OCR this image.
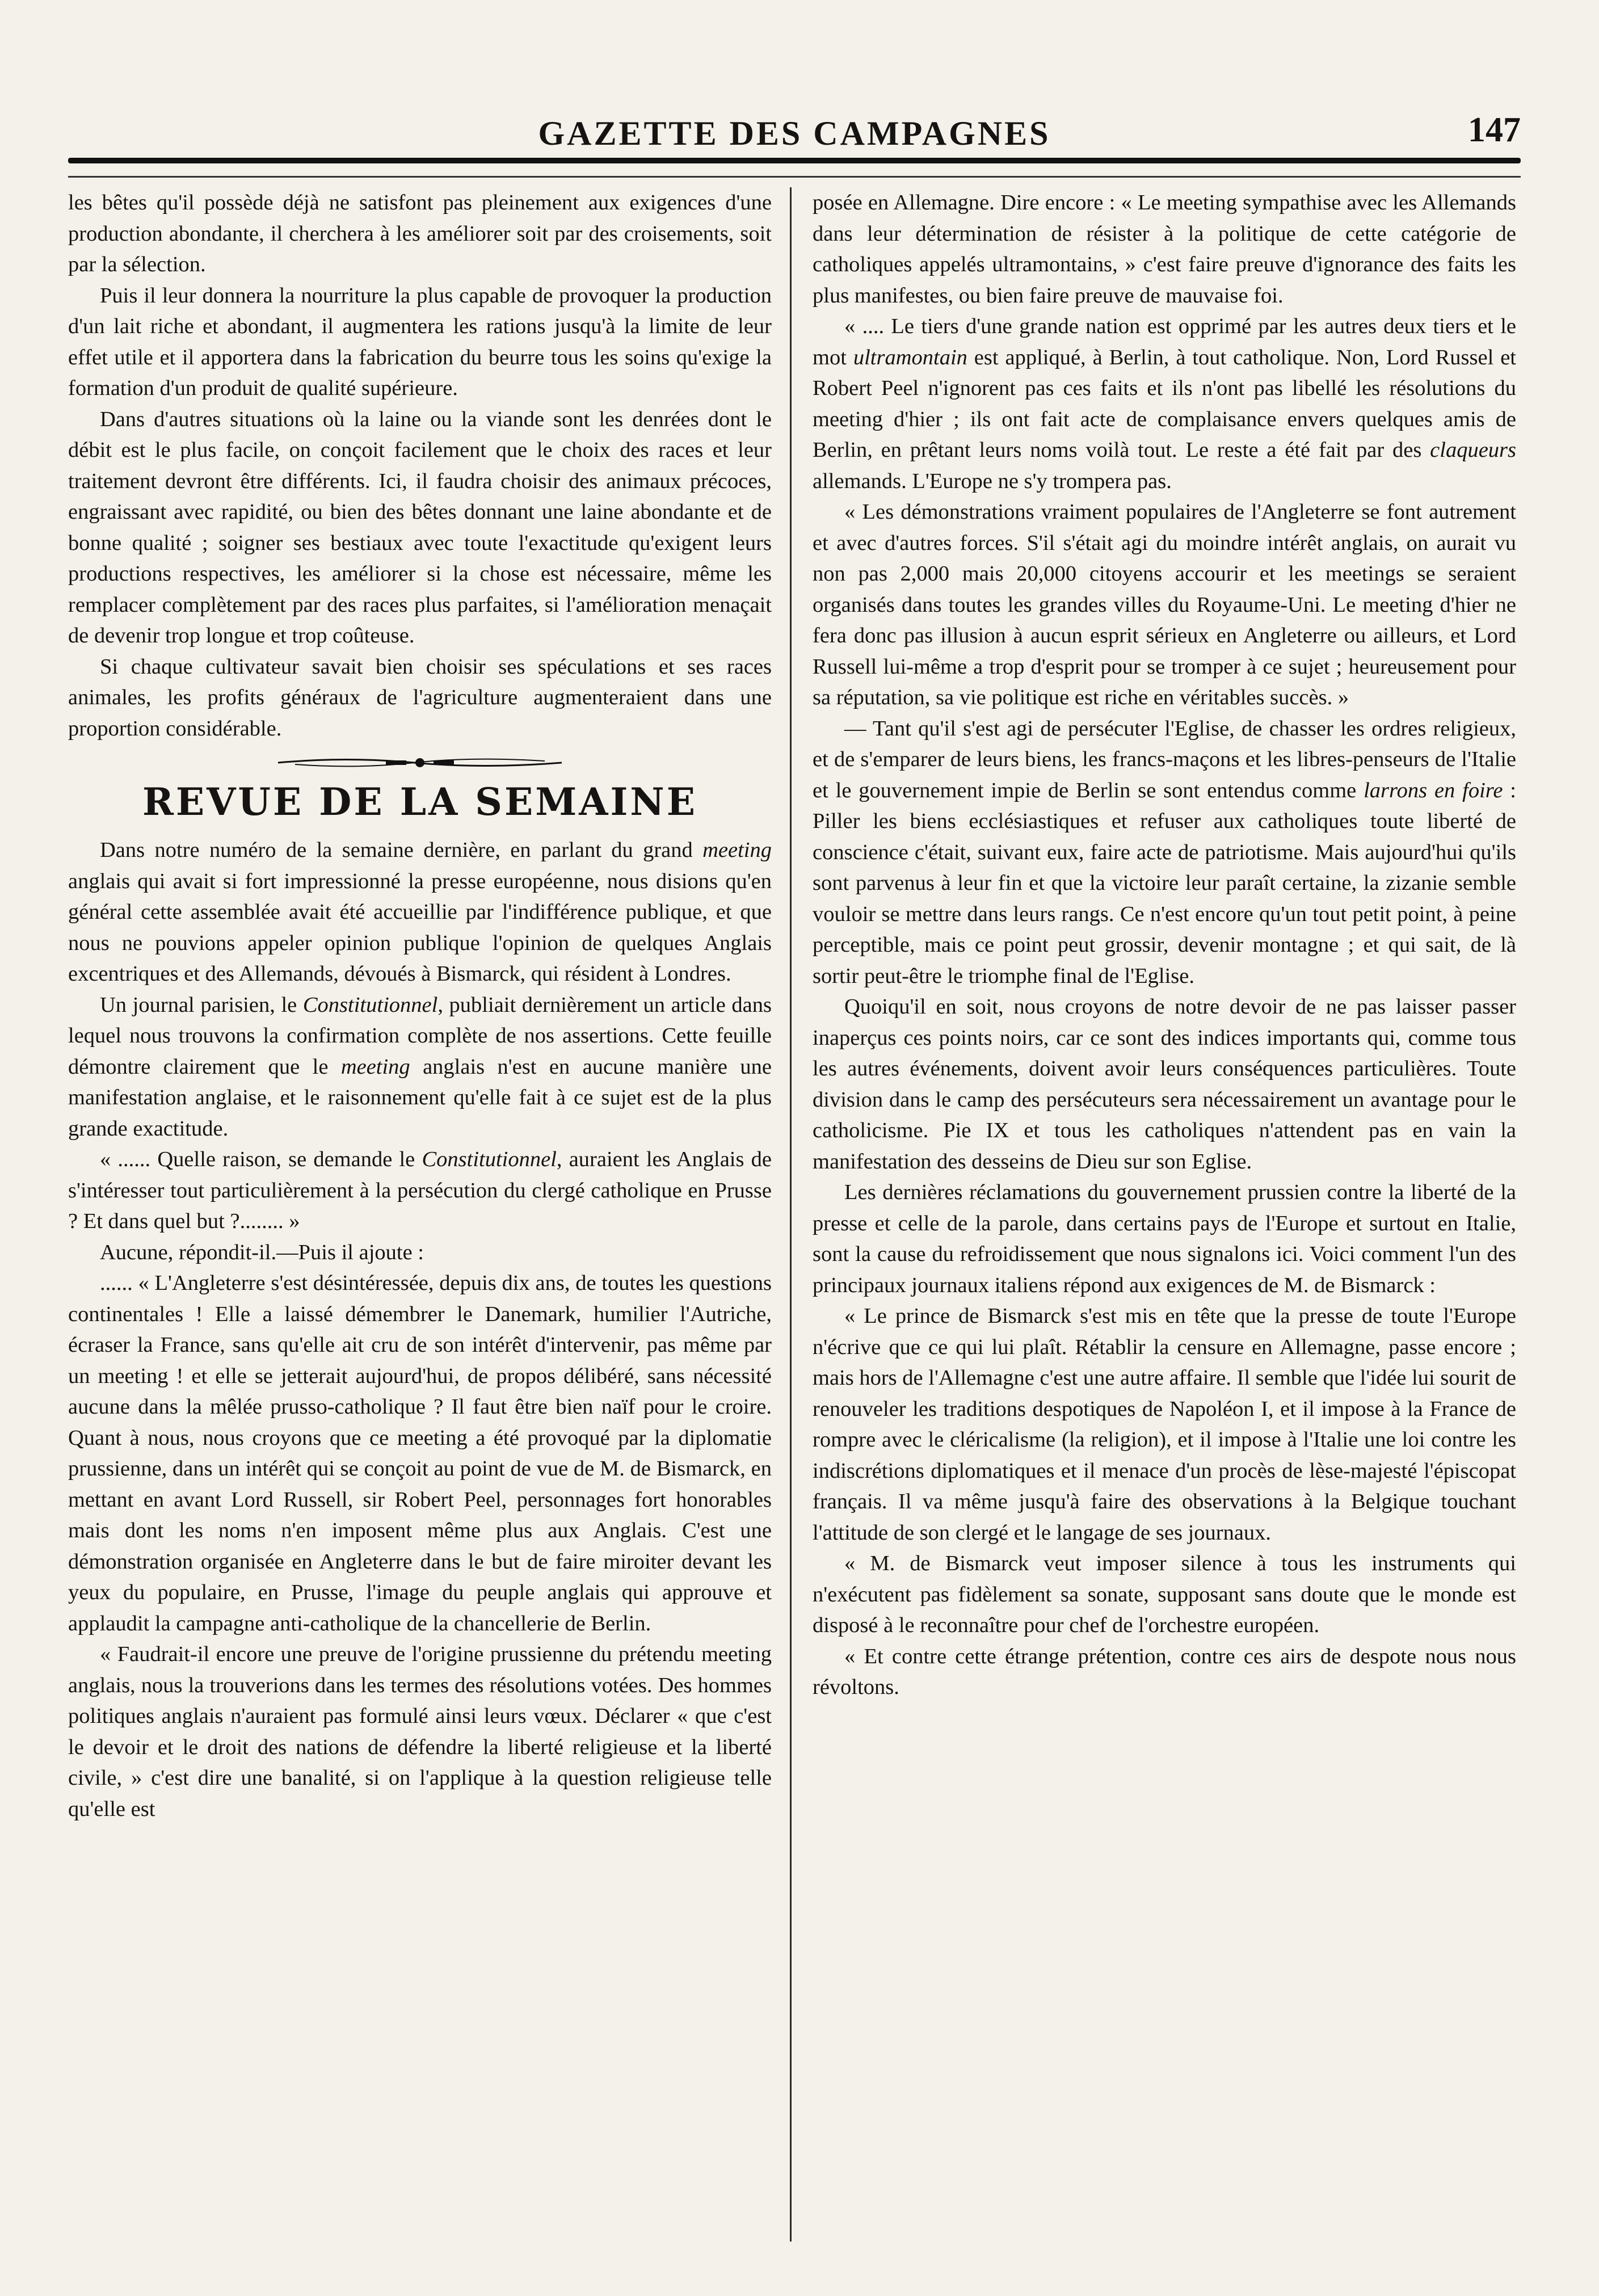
GAZETTE DES CAMPAGNES	147

les bêtes qu'il possède déjà ne satisfont pas pleinement aux exigences d'une production abondante, il cherchera à les améliorer soit par des croisements, soit par la sélection.

Puis il leur donnera la nourriture la plus capable de provoquer la production d'un lait riche et abondant, il augmentera les rations jusqu'à la limite de leur effet utile et il apportera dans la fabrication du beurre tous les soins qu'exige la formation d'un produit de qualité supérieure.

Dans d'autres situations où la laine ou la viande sont les denrées dont le débit est le plus facile, on conçoit facilement que le choix des races et leur traitement devront être différents. Ici, il faudra choisir des animaux précoces, engraissant avec rapidité, ou bien des bêtes donnant une laine abondante et de bonne qualité ; soigner ses bestiaux avec toute l'exactitude qu'exigent leurs productions respectives, les améliorer si la chose est nécessaire, même les remplacer complètement par des races plus parfaites, si l'amélioration menaçait de devenir trop longue et trop coûteuse.

Si chaque cultivateur savait bien choisir ses spéculations et ses races animales, les profits généraux de l'agriculture augmenteraient dans une proportion considérable.

REVUE DE LA SEMAINE

Dans notre numéro de la semaine dernière, en parlant du grand meeting anglais qui avait si fort impressionné la presse européenne, nous disions qu'en général cette assemblée avait été accueillie par l'indifférence publique, et que nous ne pouvions appeler opinion publique l'opinion de quelques Anglais excentriques et des Allemands, dévoués à Bismarck, qui résident à Londres.

Un journal parisien, le Constitutionnel, publiait dernièrement un article dans lequel nous trouvons la confirmation complète de nos assertions. Cette feuille démontre clairement que le meeting anglais n'est en aucune manière une manifestation anglaise, et le raisonnement qu'elle fait à ce sujet est de la plus grande exactitude.

« ...... Quelle raison, se demande le Constitutionnel, auraient les Anglais de s'intéresser tout particulièrement à la persécution du clergé catholique en Prusse ? Et dans quel but ?........ »

Aucune, répondit-il.—Puis il ajoute :

...... « L'Angleterre s'est désintéressée, depuis dix ans, de toutes les questions continentales ! Elle a laissé démembrer le Danemark, humilier l'Autriche, écraser la France, sans qu'elle ait cru de son intérêt d'intervenir, pas même par un meeting ! et elle se jetterait aujourd'hui, de propos délibéré, sans nécessité aucune dans la mêlée prusso-catholique ? Il faut être bien naïf pour le croire. Quant à nous, nous croyons que ce meeting a été provoqué par la diplomatie prussienne, dans un intérêt qui se conçoit au point de vue de M. de Bismarck, en mettant en avant Lord Russell, sir Robert Peel, personnages fort honorables mais dont les noms n'en imposent même plus aux Anglais. C'est une démonstration organisée en Angleterre dans le but de faire miroiter devant les yeux du populaire, en Prusse, l'image du peuple anglais qui approuve et applaudit la campagne anti-catholique de la chancellerie de Berlin.

« Faudrait-il encore une preuve de l'origine prussienne du prétendu meeting anglais, nous la trouverions dans les termes des résolutions votées. Des hommes politiques anglais n'auraient pas formulé ainsi leurs vœux. Déclarer « que c'est le devoir et le droit des nations de défendre la liberté religieuse et la liberté civile, » c'est dire une banalité, si on l'applique à la question religieuse telle qu'elle est

posée en Allemagne. Dire encore : « Le meeting sympathise avec les Allemands dans leur détermination de résister à la politique de cette catégorie de catholiques appelés ultramontains, » c'est faire preuve d'ignorance des faits les plus manifestes, ou bien faire preuve de mauvaise foi.

« .... Le tiers d'une grande nation est opprimé par les autres deux tiers et le mot ultramontain est appliqué, à Berlin, à tout catholique. Non, Lord Russel et Robert Peel n'ignorent pas ces faits et ils n'ont pas libellé les résolutions du meeting d'hier ; ils ont fait acte de complaisance envers quelques amis de Berlin, en prêtant leurs noms voilà tout. Le reste a été fait par des claqueurs allemands. L'Europe ne s'y trompera pas.

« Les démonstrations vraiment populaires de l'Angleterre se font autrement et avec d'autres forces. S'il s'était agi du moindre intérêt anglais, on aurait vu non pas 2,000 mais 20,000 citoyens accourir et les meetings se seraient organisés dans toutes les grandes villes du Royaume-Uni. Le meeting d'hier ne fera donc pas illusion à aucun esprit sérieux en Angleterre ou ailleurs, et Lord Russell lui-même a trop d'esprit pour se tromper à ce sujet ; heureusement pour sa réputation, sa vie politique est riche en véritables succès. »

— Tant qu'il s'est agi de persécuter l'Eglise, de chasser les ordres religieux, et de s'emparer de leurs biens, les francs-maçons et les libres-penseurs de l'Italie et le gouvernement impie de Berlin se sont entendus comme larrons en foire : Piller les biens ecclésiastiques et refuser aux catholiques toute liberté de conscience c'était, suivant eux, faire acte de patriotisme. Mais aujourd'hui qu'ils sont parvenus à leur fin et que la victoire leur paraît certaine, la zizanie semble vouloir se mettre dans leurs rangs. Ce n'est encore qu'un tout petit point, à peine perceptible, mais ce point peut grossir, devenir montagne ; et qui sait, de là sortir peut-être le triomphe final de l'Eglise.

Quoiqu'il en soit, nous croyons de notre devoir de ne pas laisser passer inaperçus ces points noirs, car ce sont des indices importants qui, comme tous les autres événements, doivent avoir leurs conséquences particulières. Toute division dans le camp des persécuteurs sera nécessairement un avantage pour le catholicisme. Pie IX et tous les catholiques n'attendent pas en vain la manifestation des desseins de Dieu sur son Eglise.

Les dernières réclamations du gouvernement prussien contre la liberté de la presse et celle de la parole, dans certains pays de l'Europe et surtout en Italie, sont la cause du refroidissement que nous signalons ici. Voici comment l'un des principaux journaux italiens répond aux exigences de M. de Bismarck :

« Le prince de Bismarck s'est mis en tête que la presse de toute l'Europe n'écrive que ce qui lui plaît. Rétablir la censure en Allemagne, passe encore ; mais hors de l'Allemagne c'est une autre affaire. Il semble que l'idée lui sourit de renouveler les traditions despotiques de Napoléon I, et il impose à la France de rompre avec le cléricalisme (la religion), et il impose à l'Italie une loi contre les indiscrétions diplomatiques et il menace d'un procès de lèse-majesté l'épiscopat français. Il va même jusqu'à faire des observations à la Belgique touchant l'attitude de son clergé et le langage de ses journaux.

« M. de Bismarck veut imposer silence à tous les instruments qui n'exécutent pas fidèlement sa sonate, supposant sans doute que le monde est disposé à le reconnaître pour chef de l'orchestre européen.

« Et contre cette étrange prétention, contre ces airs de despote nous nous révoltons.
